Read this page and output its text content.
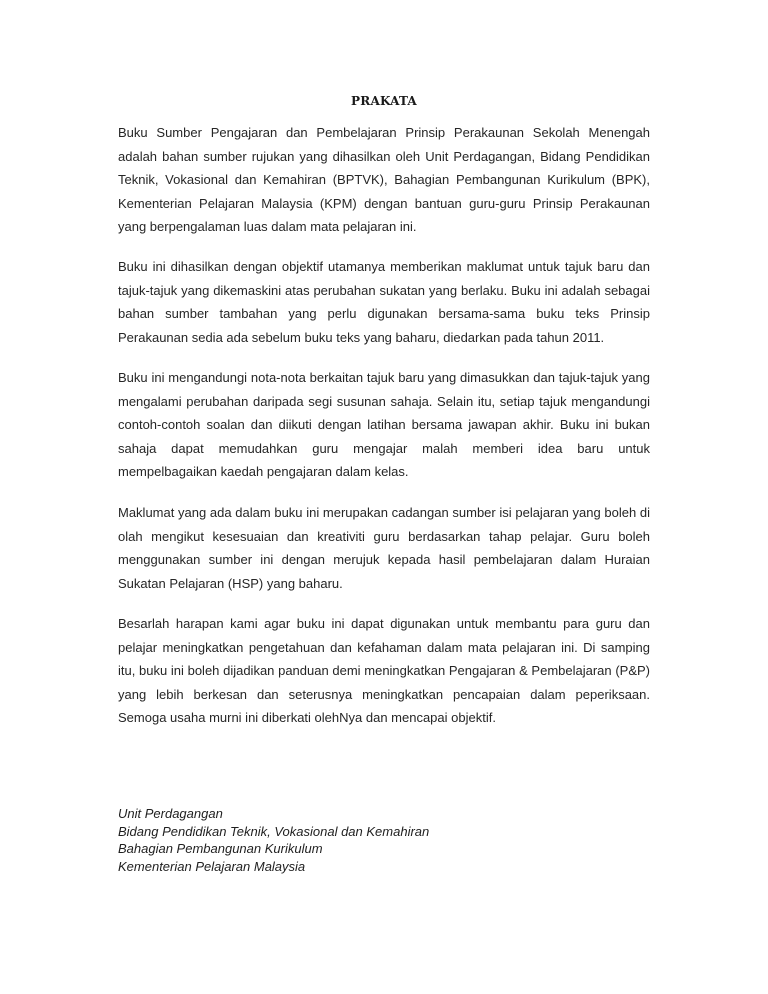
PRAKATA

Buku Sumber Pengajaran dan Pembelajaran Prinsip Perakaunan Sekolah Menengah adalah bahan sumber rujukan yang dihasilkan oleh Unit Perdagangan, Bidang Pendidikan Teknik, Vokasional dan Kemahiran (BPTVK), Bahagian Pembangunan Kurikulum (BPK), Kementerian Pelajaran Malaysia (KPM) dengan bantuan guru-guru Prinsip Perakaunan yang berpengalaman luas dalam mata pelajaran ini.

Buku ini dihasilkan dengan objektif utamanya memberikan maklumat untuk tajuk baru dan tajuk-tajuk yang dikemaskini atas perubahan sukatan yang berlaku. Buku ini adalah sebagai bahan sumber tambahan yang perlu digunakan bersama-sama buku teks Prinsip Perakaunan sedia ada sebelum buku teks yang baharu, diedarkan pada tahun 2011.

Buku ini mengandungi nota-nota berkaitan tajuk baru yang dimasukkan dan tajuk-tajuk yang mengalami perubahan daripada segi susunan sahaja. Selain itu, setiap tajuk mengandungi contoh-contoh soalan dan diikuti dengan latihan bersama jawapan akhir. Buku ini bukan sahaja dapat memudahkan guru mengajar malah memberi idea baru untuk mempelbagaikan kaedah pengajaran dalam kelas.

Maklumat yang ada dalam buku ini merupakan cadangan sumber isi pelajaran yang boleh di olah mengikut kesesuaian dan kreativiti guru berdasarkan tahap pelajar. Guru boleh menggunakan sumber ini dengan merujuk kepada hasil pembelajaran dalam Huraian Sukatan Pelajaran (HSP) yang baharu.

Besarlah harapan kami agar buku ini dapat digunakan untuk membantu para guru dan pelajar meningkatkan pengetahuan dan kefahaman dalam mata pelajaran ini. Di samping itu, buku ini boleh dijadikan panduan demi meningkatkan Pengajaran & Pembelajaran (P&P) yang lebih berkesan dan seterusnya meningkatkan pencapaian dalam peperiksaan. Semoga usaha murni ini diberkati olehNya dan mencapai objektif.

Unit Perdagangan
Bidang Pendidikan Teknik, Vokasional dan Kemahiran
Bahagian Pembangunan Kurikulum
Kementerian Pelajaran Malaysia
